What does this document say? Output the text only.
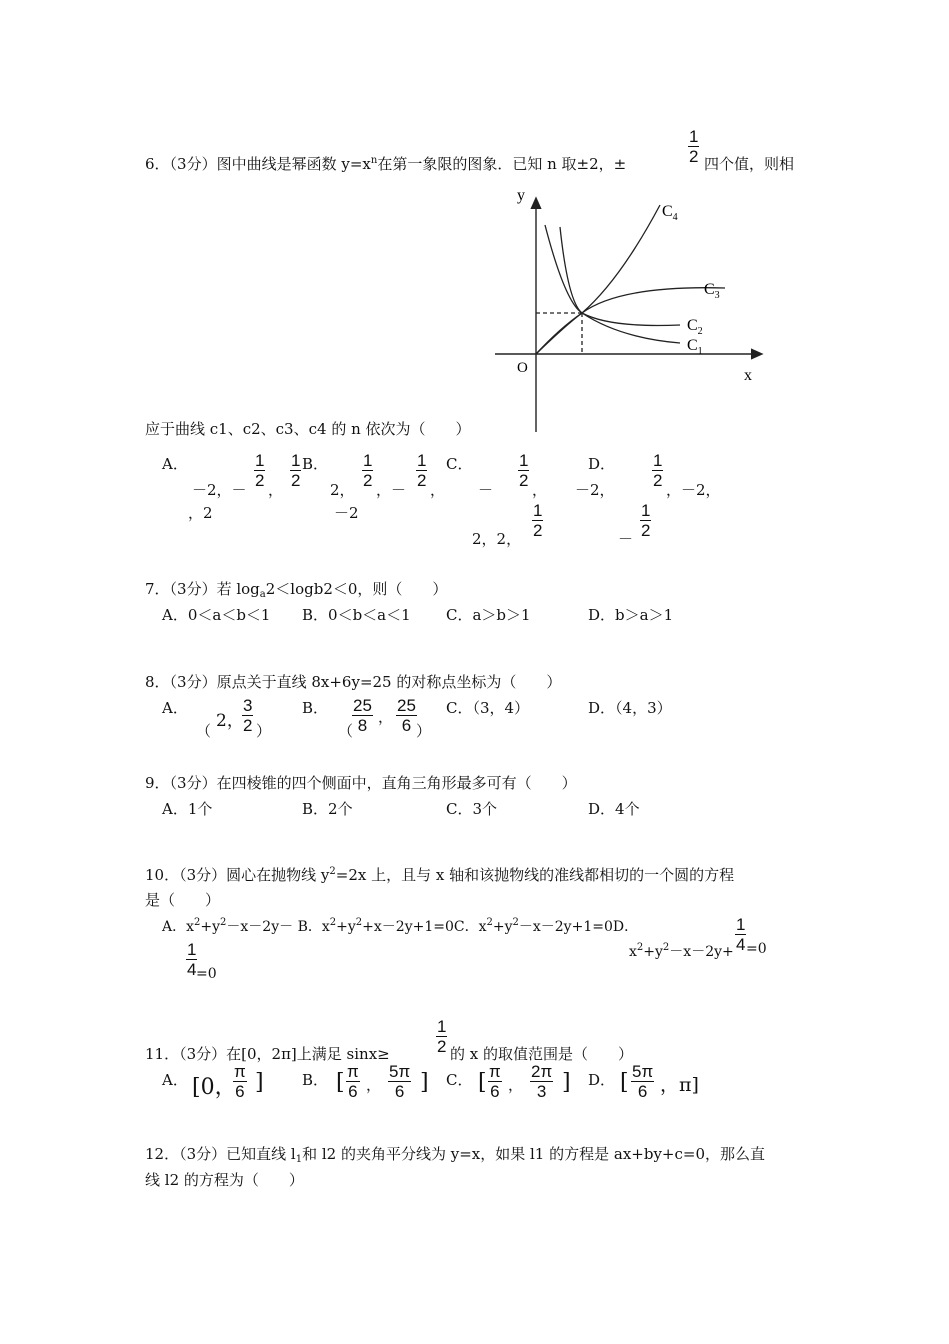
6．（3分）图中曲线是幂函数 $y=x^n$在第一象限的图象．已知 n 取±2，±
1
2 四个值，则相
y
x
O
$C_4$
$C_3$
$C_2$
$C_1$
应于曲线 c1、c2、c3、c4 的 n 依次为（　　）
A．
－2，－
1
2 ，
1
2
，2
B．
2，
1
2 ，－
1
2 ，
－2
C．
－
1
2 ，
2，2，
1
2
D．
－2，
1
2 ，－2，
－
1
2
7．（3分）若 $\log_a2<\log b2<0$，则（　　）
A．0＜a＜b＜1 B．0＜b＜a＜1 C．a＞b＞1	D．b＞a＞1
8．（3分）原点关于直线 8x+6y=25 的对称点坐标为（　　）
A．
（ 2，
3
2 ）
B．
（
25
8 ，
25
6 ）
C．（3，4）	D．（4，3）
9．（3分）在四棱锥的四个侧面中，直角三角形最多可有（　　）
A．1个	B．2个	C．3个	D．4个
10．（3分）圆心在抛物线 $y^2=2x$ 上，且与 x 轴和该抛物线的准线都相切的一个圆的方程
是（　　）
A．$x^2+y^2-x-2y- B$．$x^2+y^2+x-2y+1=0C$．$x^2+y^2-x-2y+1=0D$．
1
4 =0
$x^2+y^2-x-2y+$
1
4 =0
11．（3分）在[0，2π]上满足 sinx≥
1
2 的 x 的取值范围是（　　）
A． [0，
π
6 ]	B． [ π
6 ，
5π
6 ] C． [ π
6 ，
2π
3 ] D． [ 5π
6 ，π]
12．（3分）已知直线 $l_1$和 l2 的夹角平分线为 y=x，如果 l1 的方程是 ax+by+c=0，那么直
线 l2 的方程为（　　）
